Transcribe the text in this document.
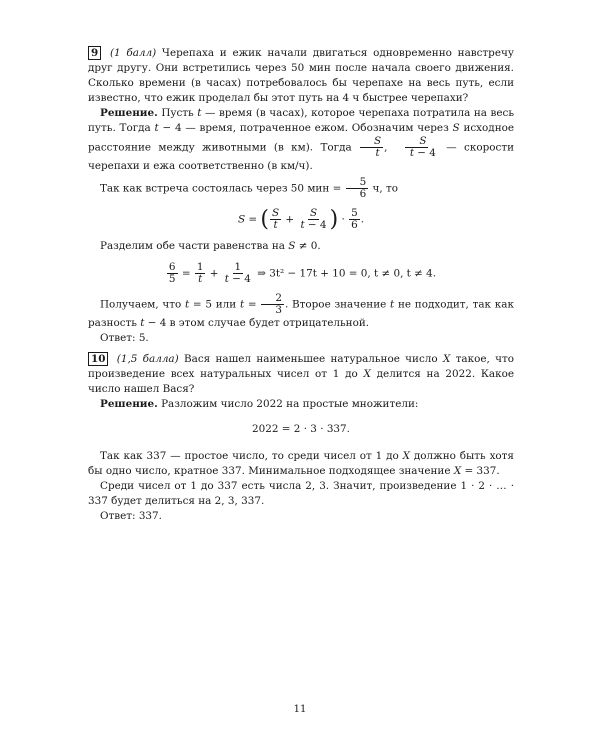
9 (1 балл) Черепаха и ежик начали двигаться одновременно навстречу друг другу. Они встретились через 50 мин после начала своего движения. Сколько времени (в часах) потребовалось бы черепахе на весь путь, если известно, что ежик проделал бы этот путь на 4 ч быстрее черепахи?

Решение. Пусть t — время (в часах), которое черепаха потратила на весь путь. Тогда t − 4 — время, потраченное ежом. Обозначим через S исходное расстояние между животными (в км). Тогда $\frac{S}{t}$ , $\frac{S}{t - 4}$ — скорости черепахи и ежа соответственно (в км/ч).

Так как встреча состоялась через 50 мин = $\frac{5}{6} ч$, то

S = ( $\frac{S}{t} + \frac{S}{t - 4}$ ) · $\frac{5}{6}$ .

Разделим обе части равенства на S ≠ 0.

$\frac{6}{5} = \frac{1}{t} + \frac{1}{t - 4}$ ⇒ 3t² − 17t + 10 = 0, t ≠ 0, t ≠ 4.

Получаем, что t = 5 или $t = \frac{2}{3}$ . Второе значение t не подходит, так как разность t − 4 в этом случае будет отрицательной.

Ответ: 5.

10 (1,5 балла) Вася нашел наименьшее натуральное число X такое, что произведение всех натуральных чисел от 1 до X делится на 2022. Какое число нашел Вася?

Решение. Разложим число 2022 на простые множители:

2022 = 2 · 3 · 337.

Так как 337 — простое число, то среди чисел от 1 до X должно быть хотя бы одно число, кратное 337. Минимальное подходящее значение X = 337.

Среди чисел от 1 до 337 есть числа 2, 3. Значит, произведение 1 · 2 · … · 337 будет делиться на 2, 3, 337.

Ответ: 337.

11
